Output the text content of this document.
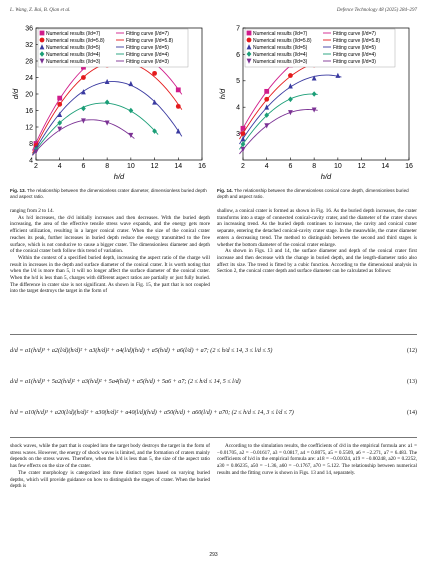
L. Wang, Z. Bai, B. Qian et al.	Defence Technology 48 (2025) 284–297
2	4	6	8	10 12 14 16
4
8
12
16
20
24
28
32
36
h/d
d/d
Numerical results (l/d=7)	Fitting curve (l/d=7)
Numerical results (l/d=5.8)	Fitting curve (l/d=5.8)
Numerical results (l/d=5)	Fitting curve (l/d=5)
Numerical results (l/d=4)	Fitting curve (l/d=4)
Numerical results (l/d=3)	Fitting curve (l/d=3)
Fig. 13. The relationship between the dimensionless crater diameter, dimensionless buried depth and aspect ratio.
2	4	6	8	10 12 14 16
3
4
5
6
7
h/d
h/d
Numerical results (l/d=7)	Fitting curve (l/d=7)
Numerical results (l/d=5.8)	Fitting curve (l/d=5.8)
Numerical results (l/d=5)	Fitting curve (l/d=5)
Numerical results (l/d=4)	Fitting curve (l/d=4)
Numerical results (l/d=3)	Fitting curve (l/d=3)
Fig. 14. The relationship between the dimensionless conical cone depth, dimensionless buried depth and aspect ratio.

ranging from 2 to 14.

As h/d increases, the d/d initially increases and then decreases. With the buried depth increasing, the area of the effective tensile stress wave expands, and the energy gets more efficient utilization, resulting in a larger conical crater. When the size of the conical crater reaches its peak, further increases in buried depth reduce the energy transmitted to the free surface, which is not conducive to cause a bigger crater. The dimensionless diameter and depth of the conical crater both follow this trend of variation.

Within the context of a specified buried depth, increasing the aspect ratio of the charge will result in increases in the depth and surface diameter of the conical crater. It is worth noting that when the l/d is more than 5, it will no longer affect the surface diameter of the conical crater. When the h/d is less than 5, charges with different aspect ratios are partially or just fully buried. The difference in crater size is not significant. As shown in Fig. 15, the part that is not coupled into the target destroys the target in the form of

shallow, a conical crater is formed as shown in Fig. 16. As the buried depth increases, the crater transforms into a stage of connected conical-cavity crater, and the diameter of the crater shows an increasing trend. As the buried depth continues to increase, the cavity and conical crater separate, entering the detached conical-cavity crater stage. In the meanwhile, the crater diameter enters a decreasing trend. The method to distinguish between the second and third stages is whether the bottom diameter of the conical crater enlarge.

As shown in Figs. 13 and 14, the surface diameter and depth of the conical crater first increase and then decrease with the change in buried depth, and the length-diameter ratio also affect its size. The trend is fitted by a cubic function. According to the dimensional analysis in Section 2, the conical crater depth and surface diameter can be calculated as follows:

d/d = a1(h/d)³ + a2(l/d)(h/d)² + a3(h/d)² + a4(l/d)(h/d) + a5(h/d) + a6(l/d) + a7; (2 ≤ h/d ≤ 14, 3 ≤ l/d ≤ 5)	(12)
d/d = a1(h/d)³ + 5a2(h/d)² + a3(h/d)² + 5a4(h/d) + a5(h/d) + 5a6 + a7; (2 ≤ h/d ≤ 14, 5 ≤ l/d)	(13)
h/d = a10(h/d)³ + a20(l/d)(h/d)² + a30(h/d)² + a40(l/d)(h/d) + a50(h/d) + a60(l/d) + a70; (2 ≤ h/d ≤ 14, 3 ≤ l/d ≤ 7)	(14)

shock waves, while the part that is coupled into the target body destroys the target in the form of stress waves. However, the energy of shock waves is limited, and the formation of craters mainly depends on the stress waves. Therefore, when the h/d is less than 5, the size of the aspect ratio has few effects on the size of the crater.

The crater morphology is categorized into three distinct types based on varying buried depths, which will provide guidance on how to distinguish the stages of crater. When the buried depth is

According to the simulation results, the coefficients of d/d in the empirical formula are: a1 = −0.01705, a2 = −0.01617, a3 = 0.0817, a4 = 0.8075, a5 = 0.5509, a6 = −2.271, a7 = 6.483. The coefficients of h/d in the empirical formula are: a18 = −0.01024, a19 = −0.00248, a20 = 0.2252, a30 = 0.06235, a50 = −1.36, a60 = −0.1767, a70 = 5.122. The relationship between numerical results and the fitting curve is shown in Figs. 13 and 14, separately.

293
